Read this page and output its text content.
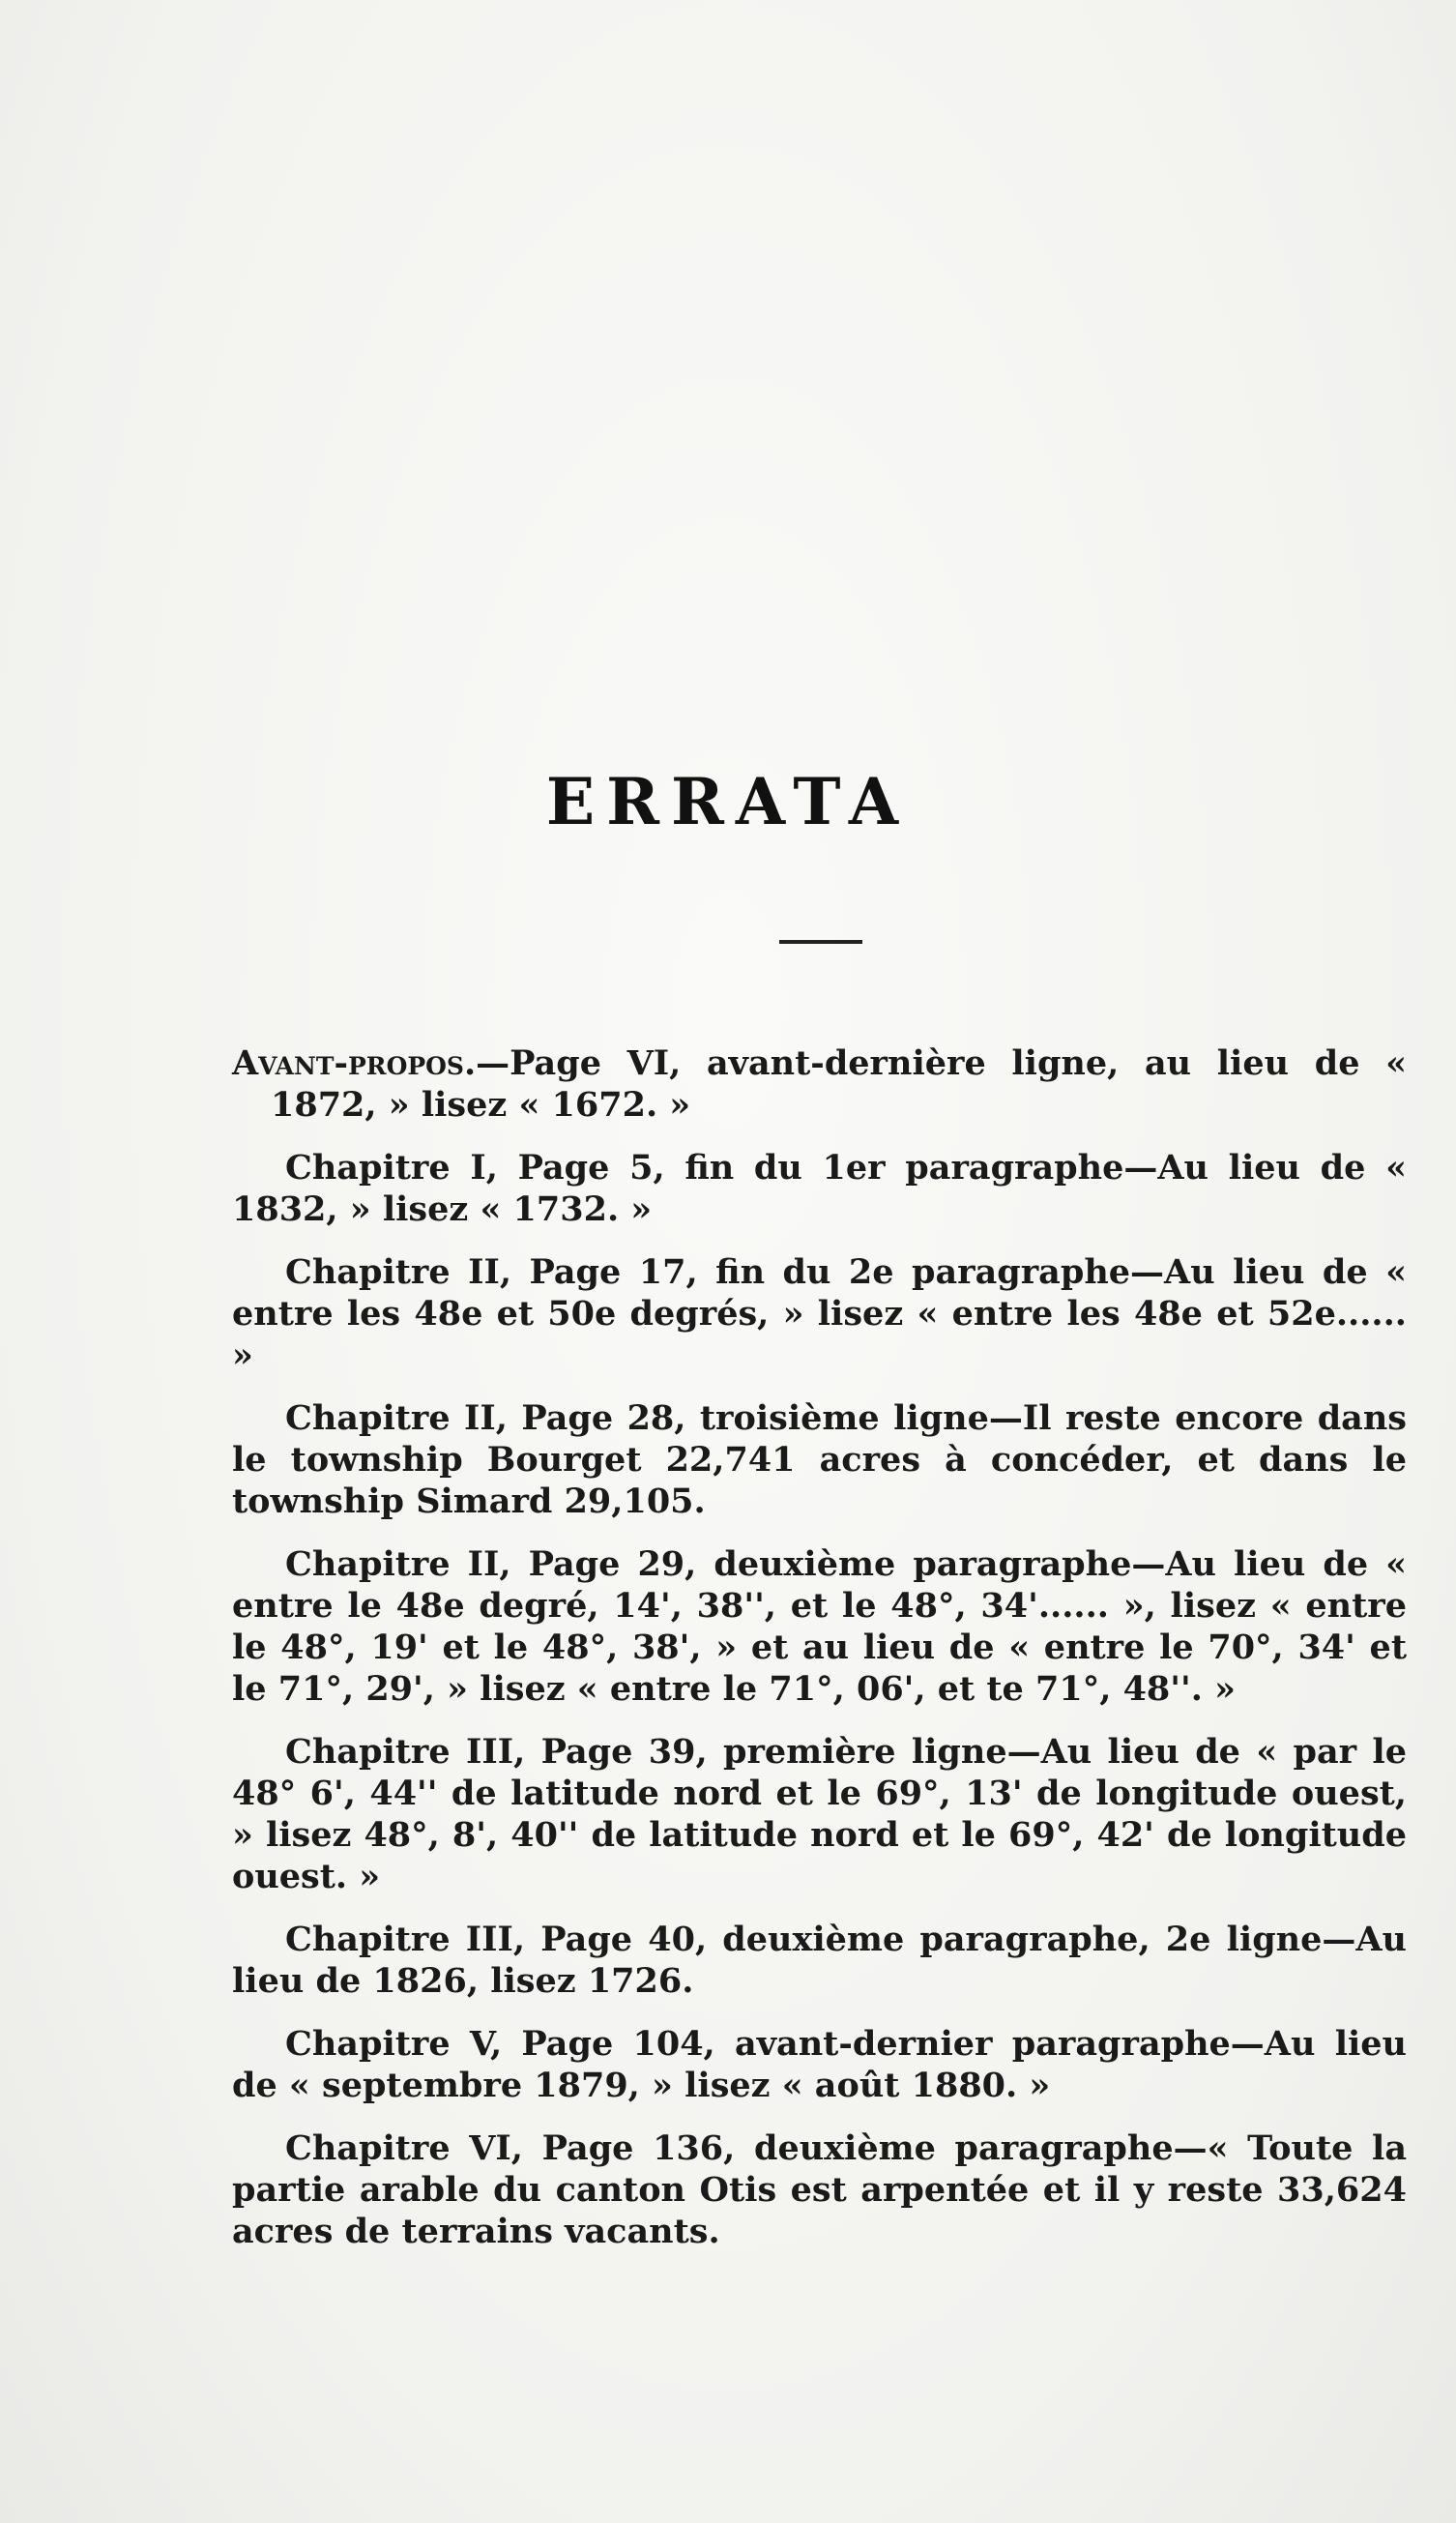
ERRATA

Avant-propos.—Page VI, avant-dernière ligne, au lieu de « 1872, » lisez « 1672. »

Chapitre I, Page 5, fin du 1er paragraphe—Au lieu de « 1832, » lisez « 1732. »

Chapitre II, Page 17, fin du 2e paragraphe—Au lieu de « entre les 48e et 50e degrés, » lisez « entre les 48e et 52e...... »

Chapitre II, Page 28, troisième ligne—Il reste encore dans le township Bourget 22,741 acres à concéder, et dans le township Simard 29,105.

Chapitre II, Page 29, deuxième paragraphe—Au lieu de « entre le 48e degré, 14', 38'', et le 48°, 34'...... », lisez « entre le 48°, 19' et le 48°, 38', » et au lieu de « entre le 70°, 34' et le 71°, 29', » lisez « entre le 71°, 06', et te 71°, 48''. »

Chapitre III, Page 39, première ligne—Au lieu de « par le 48° 6', 44'' de latitude nord et le 69°, 13' de longitude ouest, » lisez 48°, 8', 40'' de latitude nord et le 69°, 42' de longitude ouest. »

Chapitre III, Page 40, deuxième paragraphe, 2e ligne—Au lieu de 1826, lisez 1726.

Chapitre V, Page 104, avant-dernier paragraphe—Au lieu de « septembre 1879, » lisez « août 1880. »

Chapitre VI, Page 136, deuxième paragraphe—« Toute la partie arable du canton Otis est arpentée et il y reste 33,624 acres de terrains vacants.
